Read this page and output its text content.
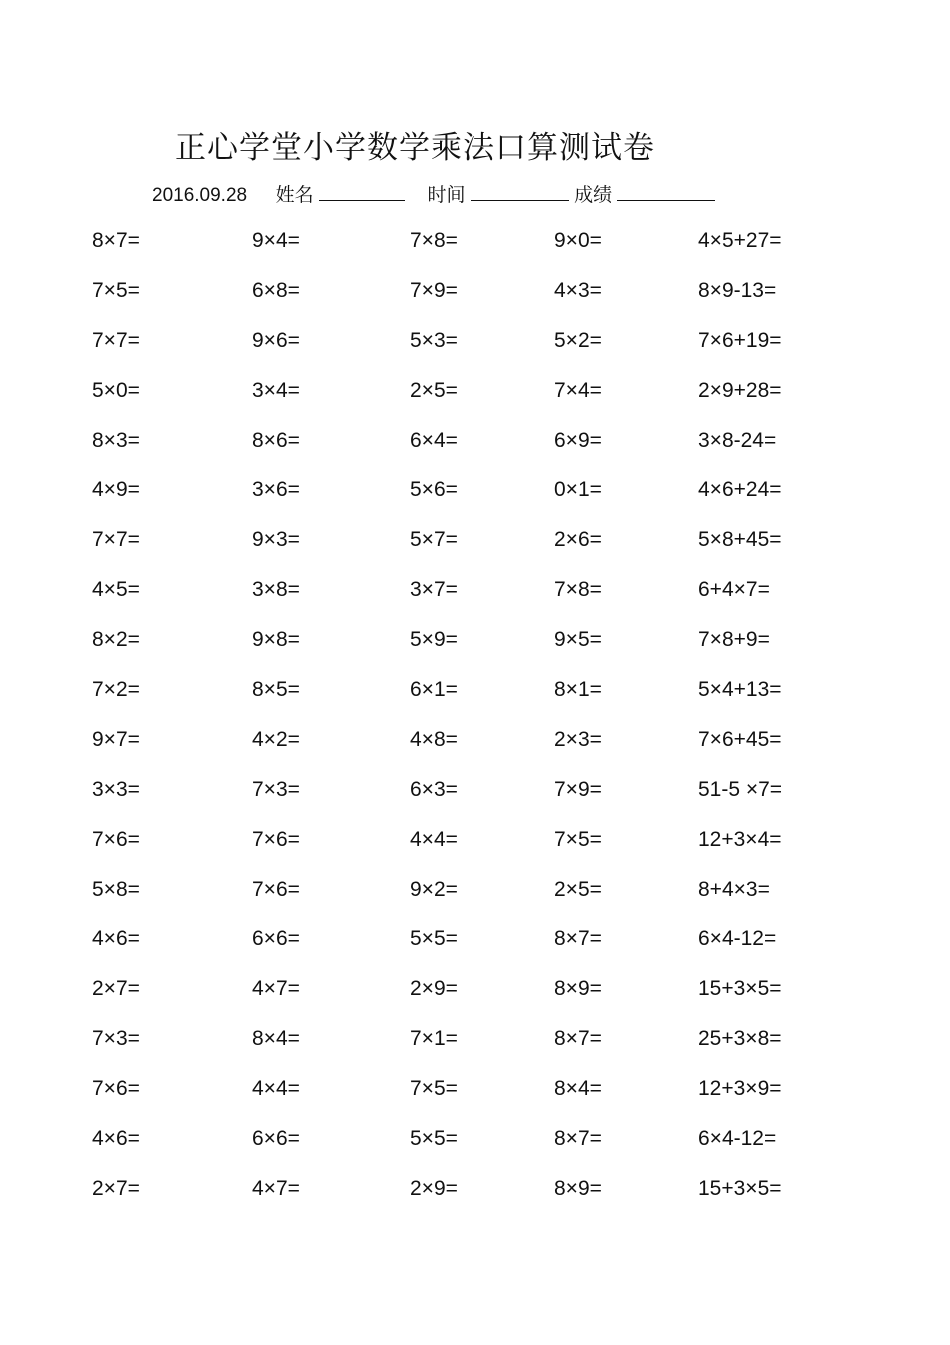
正心学堂小学数学乘法口算测试卷
2016.09.28 姓名	时间	成绩
8×7=	9×4=	7×8=	9×0=	4×5+27=
7×5=	6×8=	7×9=	4×3=	8×9-13=
7×7=	9×6=	5×3=	5×2=	7×6+19=
5×0=	3×4=	2×5=	7×4=	2×9+28=
8×3=	8×6=	6×4=	6×9=	3×8-24=
4×9=	3×6=	5×6=	0×1=	4×6+24=
7×7=	9×3=	5×7=	2×6=	5×8+45=
4×5=	3×8=	3×7=	7×8=	6+4×7=
8×2=	9×8=	5×9=	9×5=	7×8+9=
7×2=	8×5=	6×1=	8×1=	5×4+13=
9×7=	4×2=	4×8=	2×3=	7×6+45=
3×3=	7×3=	6×3=	7×9=	51-5 ×7=
7×6=	7×6=	4×4=	7×5=	12+3×4=
5×8=	7×6=	9×2=	2×5=	8+4×3=
4×6=	6×6=	5×5=	8×7=	6×4-12=
2×7=	4×7=	2×9=	8×9=	15+3×5=
7×3=	8×4=	7×1=	8×7=	25+3×8=
7×6=	4×4=	7×5=	8×4=	12+3×9=
4×6=	6×6=	5×5=	8×7=	6×4-12=
2×7=	4×7=	2×9=	8×9=	15+3×5=
